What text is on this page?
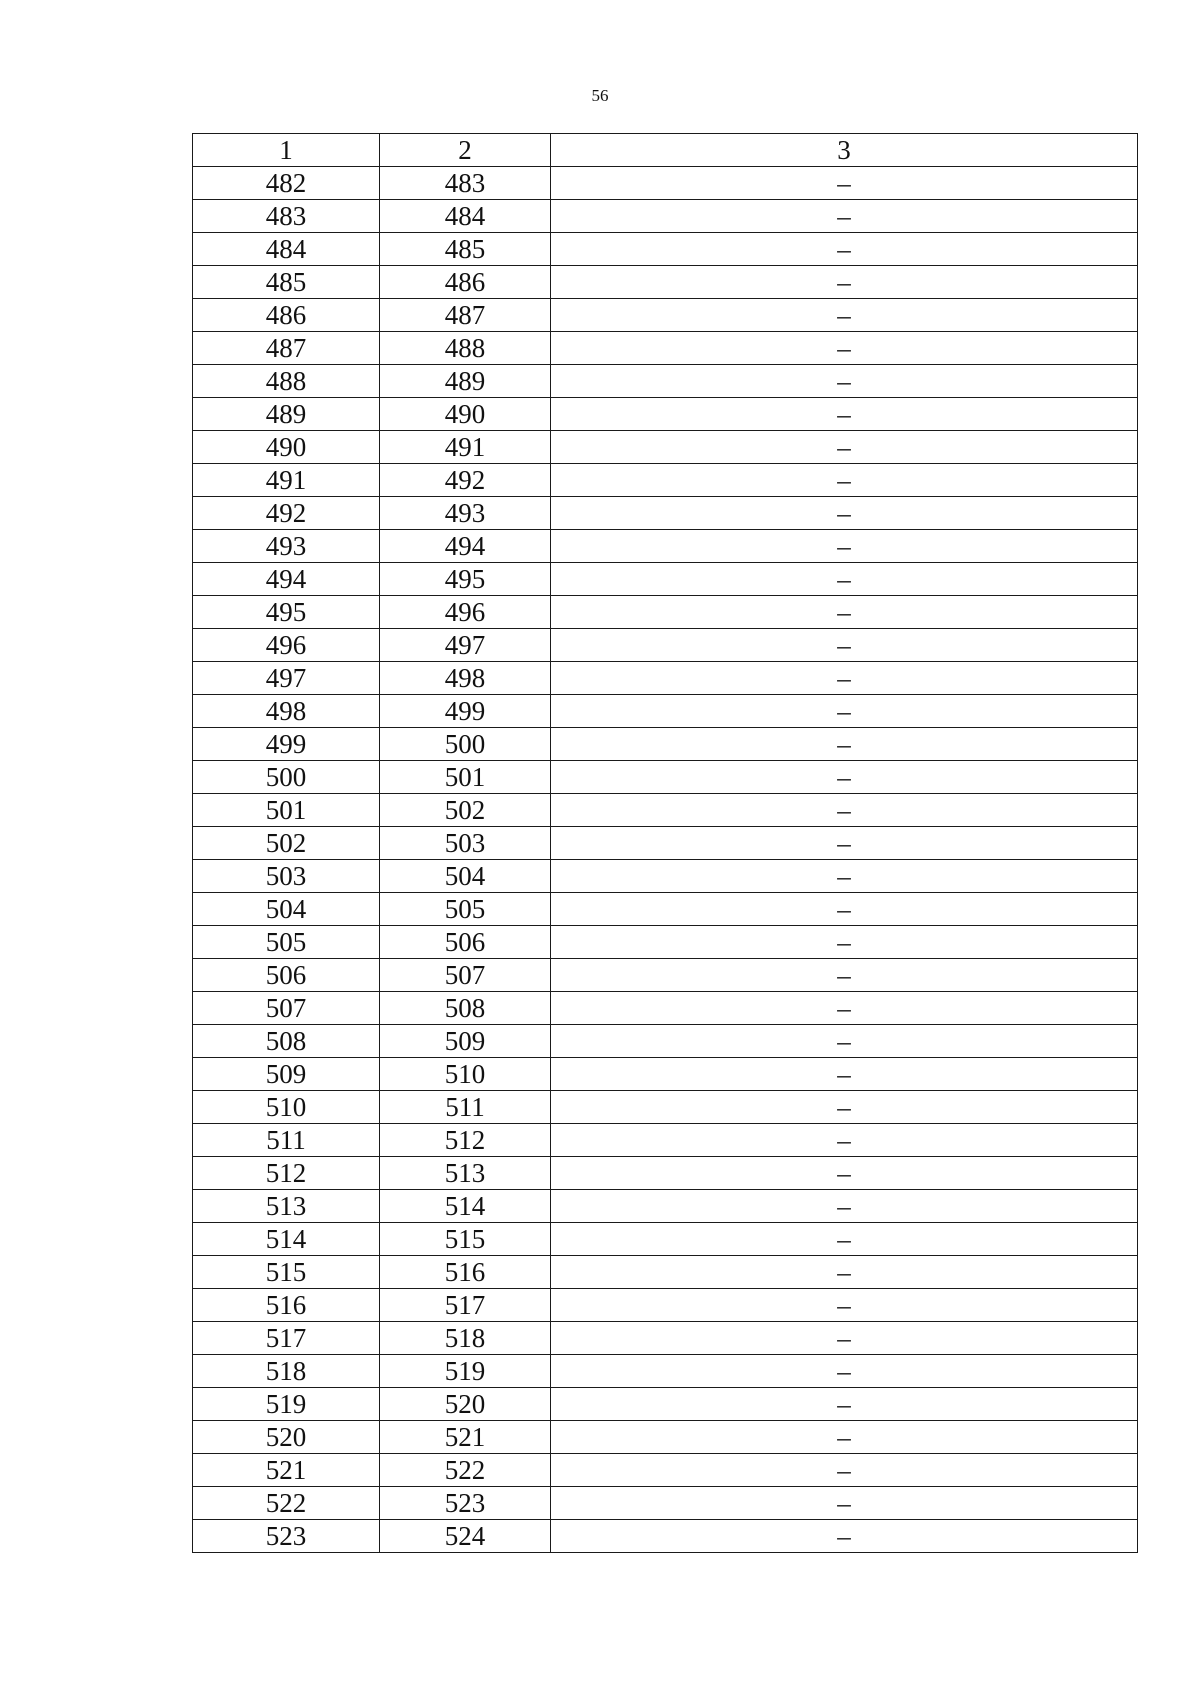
56
1	2	3
482	483	–
483	484	–
484	485	–
485	486	–
486	487	–
487	488	–
488	489	–
489	490	–
490	491	–
491	492	–
492	493	–
493	494	–
494	495	–
495	496	–
496	497	–
497	498	–
498	499	–
499	500	–
500	501	–
501	502	–
502	503	–
503	504	–
504	505	–
505	506	–
506	507	–
507	508	–
508	509	–
509	510	–
510	511	–
511	512	–
512	513	–
513	514	–
514	515	–
515	516	–
516	517	–
517	518	–
518	519	–
519	520	–
520	521	–
521	522	–
522	523	–
523	524	–
